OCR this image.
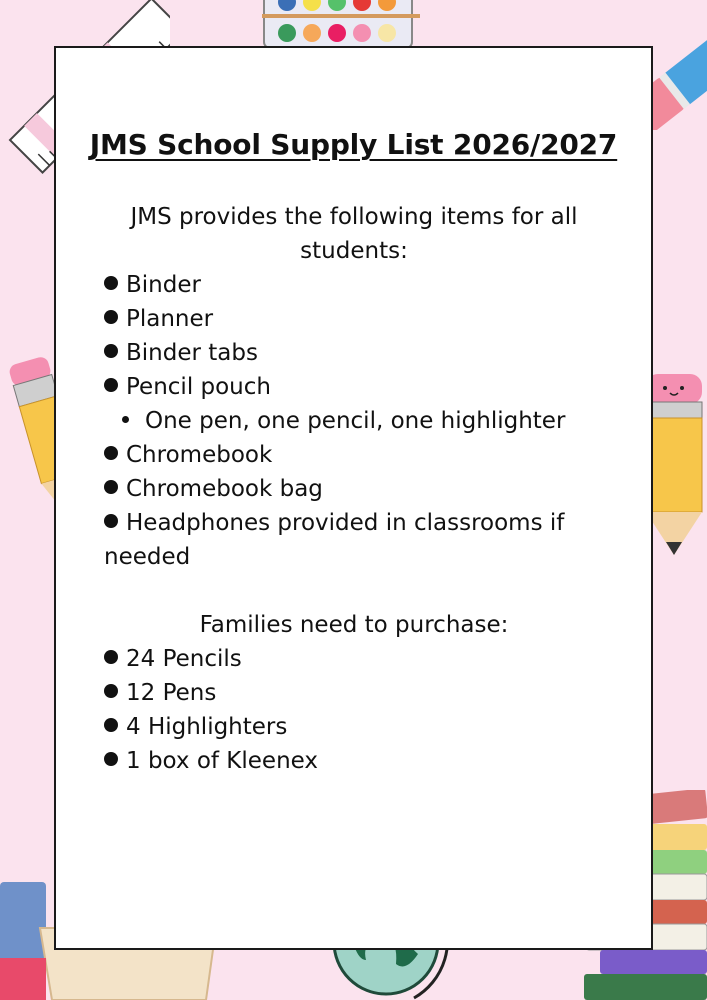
JMS School Supply List 2026/2027
JMS provides the following items for all students:
Binder
Planner
Binder tabs
Pencil pouch
One pen, one pencil, one highlighter
Chromebook
Chromebook bag
Headphones provided in classrooms if needed
Families need to purchase:
24 Pencils
12 Pens
4 Highlighters
1 box of Kleenex
